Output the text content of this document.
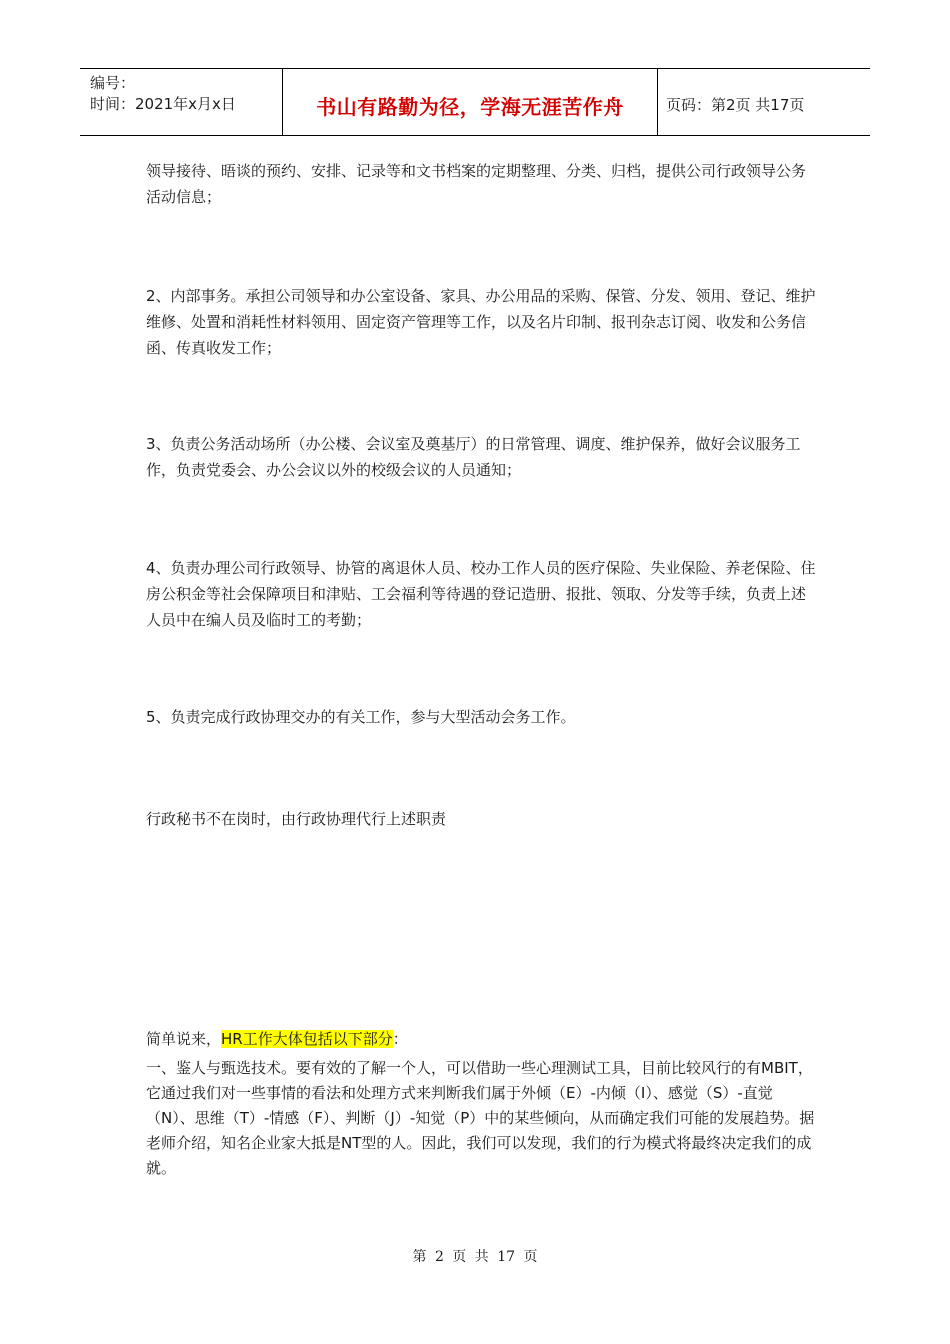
编号：
时间：2021年x月x日	书山有路勤为径，学海无涯苦作舟	页码：第2页 共17页

领导接待、晤谈的预约、安排、记录等和文书档案的定期整理、分类、归档，提供公司行政领导公务活动信息；

2、内部事务。承担公司领导和办公室设备、家具、办公用品的采购、保管、分发、领用、登记、维护维修、处置和消耗性材料领用、固定资产管理等工作，以及名片印制、报刊杂志订阅、收发和公务信函、传真收发工作；

3、负责公务活动场所（办公楼、会议室及奠基厅）的日常管理、调度、维护保养，做好会议服务工作，负责党委会、办公会议以外的校级会议的人员通知；

4、负责办理公司行政领导、协管的离退休人员、校办工作人员的医疗保险、失业保险、养老保险、住房公积金等社会保障项目和津贴、工会福利等待遇的登记造册、报批、领取、分发等手续，负责上述人员中在编人员及临时工的考勤；

5、负责完成行政协理交办的有关工作，参与大型活动会务工作。

行政秘书不在岗时，由行政协理代行上述职责

简单说来，HR工作大体包括以下部分：

一、鉴人与甄选技术。要有效的了解一个人，可以借助一些心理测试工具，目前比较风行的有MBIT，它通过我们对一些事情的看法和处理方式来判断我们属于外倾（E）-内倾（I）、感觉（S）-直觉（N）、思维（T）-情感（F）、判断（J）-知觉（P）中的某些倾向，从而确定我们可能的发展趋势。据老师介绍，知名企业家大抵是NT型的人。因此，我们可以发现，我们的行为模式将最终决定我们的成就。

第 2 页 共 17 页
